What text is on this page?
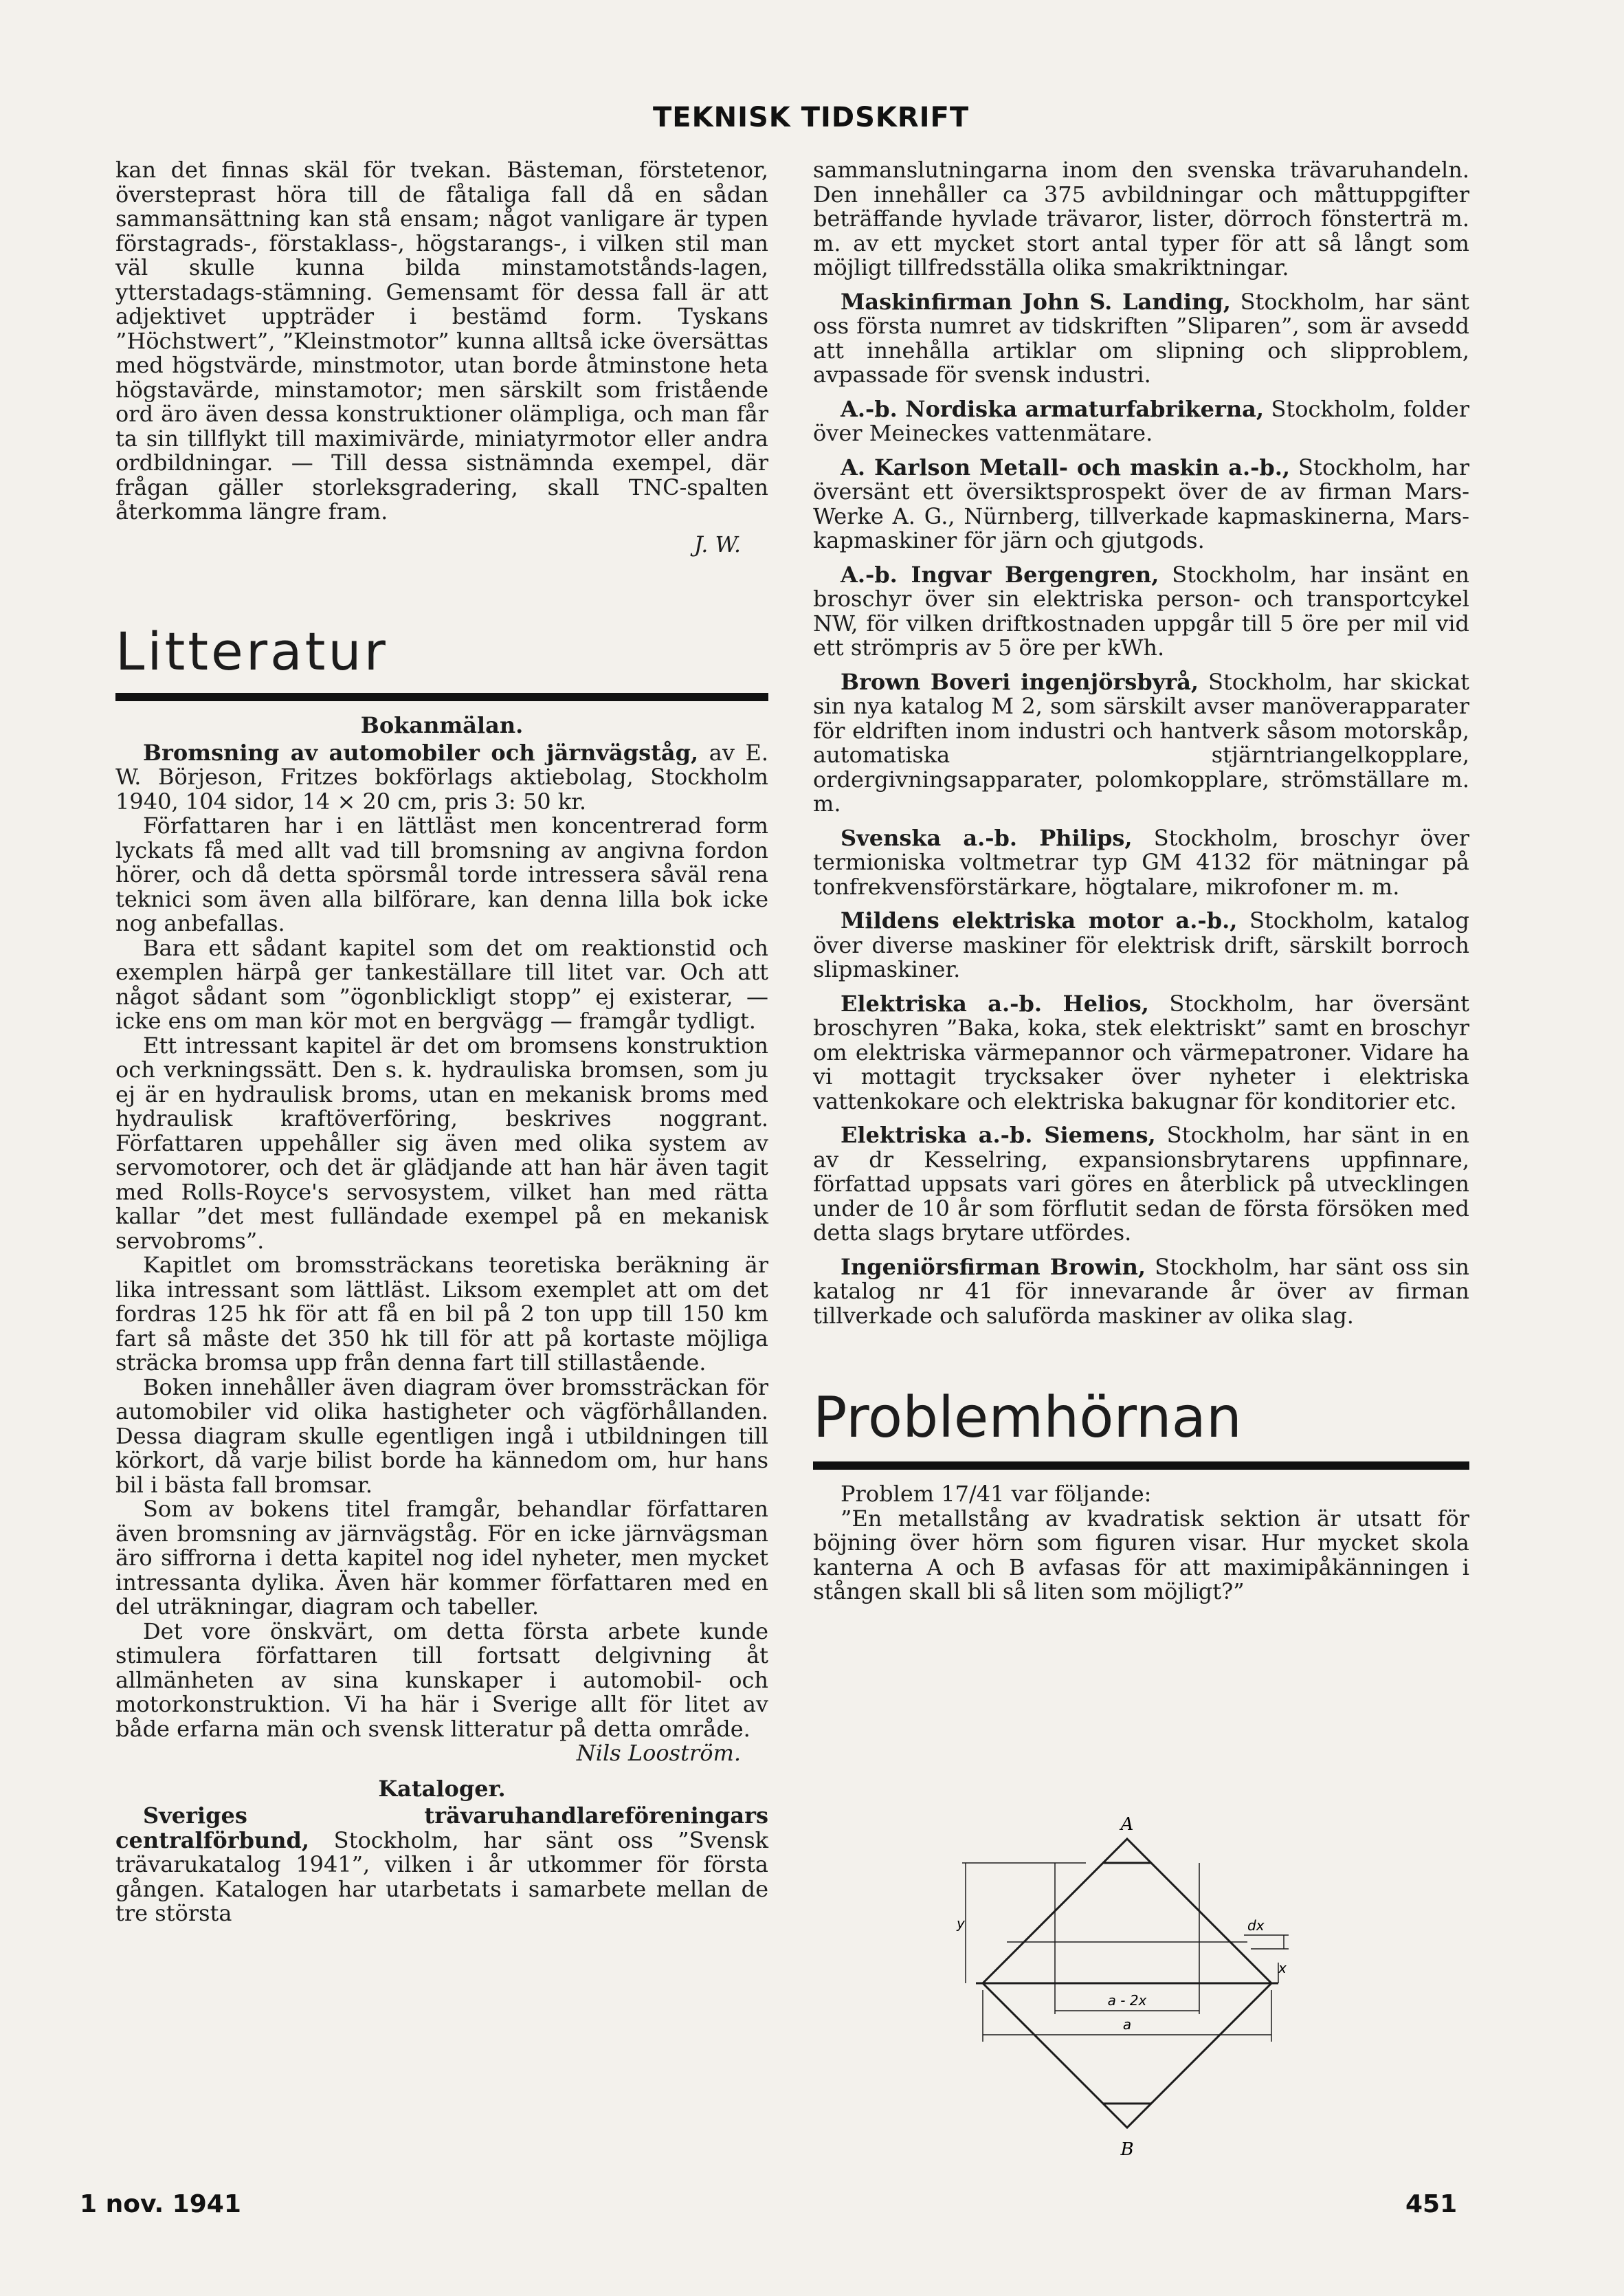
TEKNISK TIDSKRIFT

kan det finnas skäl för tvekan. Bästeman, förstetenor, översteprast höra till de fåtaliga fall då en sådan sammansättning kan stå ensam; något vanligare är typen förstagrads-, förstaklass-, högstarangs-, i vilken stil man väl skulle kunna bilda minstamotstånds-lagen, ytterstadags-stämning. Gemensamt för dessa fall är att adjektivet uppträder i bestämd form. Tyskans ”Höchstwert”, ”Kleinstmotor” kunna alltså icke översättas med högstvärde, minstmotor, utan borde åtminstone heta högstavärde, minstamotor; men särskilt som fristående ord äro även dessa konstruktioner olämpliga, och man får ta sin tillflykt till maximivärde, miniatyrmotor eller andra ordbildningar. — Till dessa sistnämnda exempel, där frågan gäller storleksgradering, skall TNC-spalten återkomma längre fram.

J. W.

Litteratur

Bokanmälan.

Bromsning av automobiler och järnvägståg, av E. W. Börjeson, Fritzes bokförlags aktiebolag, Stockholm 1940, 104 sidor, 14 × 20 cm, pris 3: 50 kr.

Författaren har i en lättläst men koncentrerad form lyckats få med allt vad till bromsning av angivna fordon hörer, och då detta spörsmål torde intressera såväl rena teknici som även alla bilförare, kan denna lilla bok icke nog anbefallas.

Bara ett sådant kapitel som det om reaktionstid och exemplen härpå ger tankeställare till litet var. Och att något sådant som ”ögonblickligt stopp” ej existerar, — icke ens om man kör mot en bergvägg — framgår tydligt.

Ett intressant kapitel är det om bromsens konstruktion och verkningssätt. Den s. k. hydrauliska bromsen, som ju ej är en hydraulisk broms, utan en mekanisk broms med hydraulisk kraftöverföring, beskrives noggrant. Författaren uppehåller sig även med olika system av servomotorer, och det är glädjande att han här även tagit med Rolls-Royce's servosystem, vilket han med rätta kallar ”det mest fulländade exempel på en mekanisk servobroms”.

Kapitlet om bromssträckans teoretiska beräkning är lika intressant som lättläst. Liksom exemplet att om det fordras 125 hk för att få en bil på 2 ton upp till 150 km fart så måste det 350 hk till för att på kortaste möjliga sträcka bromsa upp från denna fart till stillastående.

Boken innehåller även diagram över bromssträckan för automobiler vid olika hastigheter och vägförhållanden. Dessa diagram skulle egentligen ingå i utbildningen till körkort, då varje bilist borde ha kännedom om, hur hans bil i bästa fall bromsar.

Som av bokens titel framgår, behandlar författaren även bromsning av järnvägståg. För en icke järnvägsman äro siffrorna i detta kapitel nog idel nyheter, men mycket intressanta dylika. Även här kommer författaren med en del uträkningar, diagram och tabeller.

Det vore önskvärt, om detta första arbete kunde stimulera författaren till fortsatt delgivning åt allmänheten av sina kunskaper i automobil- och motorkonstruktion. Vi ha här i Sverige allt för litet av både erfarna män och svensk litteratur på detta område.

Nils Looström.

Kataloger.

Sveriges trävaruhandlareföreningars centralförbund, Stockholm, har sänt oss ”Svensk trävarukatalog 1941”, vilken i år utkommer för första gången. Katalogen har utarbetats i samarbete mellan de tre största

sammanslutningarna inom den svenska trävaruhandeln. Den innehåller ca 375 avbildningar och måttuppgifter beträffande hyvlade trävaror, lister, dörroch fönsterträ m. m. av ett mycket stort antal typer för att så långt som möjligt tillfredsställa olika smakriktningar.

Maskinfirman John S. Landing, Stockholm, har sänt oss första numret av tidskriften ”Sliparen”, som är avsedd att innehålla artiklar om slipning och slipproblem, avpassade för svensk industri.

A.-b. Nordiska armaturfabrikerna, Stockholm, folder över Meineckes vattenmätare.

A. Karlson Metall- och maskin a.-b., Stockholm, har översänt ett översiktsprospekt över de av firman Mars-Werke A. G., Nürnberg, tillverkade kapmaskinerna, Mars-kapmaskiner för järn och gjutgods.

A.-b. Ingvar Bergengren, Stockholm, har insänt en broschyr över sin elektriska person- och transportcykel NW, för vilken driftkostnaden uppgår till 5 öre per mil vid ett strömpris av 5 öre per kWh.

Brown Boveri ingenjörsbyrå, Stockholm, har skickat sin nya katalog M 2, som särskilt avser manöverapparater för eldriften inom industri och hantverk såsom motorskåp, automatiska stjärntriangelkopplare, ordergivningsapparater, polomkopplare, strömställare m. m.

Svenska a.-b. Philips, Stockholm, broschyr över termioniska voltmetrar typ GM 4132 för mätningar på tonfrekvensförstärkare, högtalare, mikrofoner m. m.

Mildens elektriska motor a.-b., Stockholm, katalog över diverse maskiner för elektrisk drift, särskilt borroch slipmaskiner.

Elektriska a.-b. Helios, Stockholm, har översänt broschyren ”Baka, koka, stek elektriskt” samt en broschyr om elektriska värmepannor och värmepatroner. Vidare ha vi mottagit trycksaker över nyheter i elektriska vattenkokare och elektriska bakugnar för konditorier etc.

Elektriska a.-b. Siemens, Stockholm, har sänt in en av dr Kesselring, expansionsbrytarens uppfinnare, författad uppsats vari göres en återblick på utvecklingen under de 10 år som förflutit sedan de första försöken med detta slags brytare utfördes.

Ingeniörsfirman Browin, Stockholm, har sänt oss sin katalog nr 41 för innevarande år över av firman tillverkade och saluförda maskiner av olika slag.

Problemhörnan

Problem 17/41 var följande:

”En metallstång av kvadratisk sektion är utsatt för böjning över hörn som figuren visar. Hur mycket skola kanterna A och B avfasas för att maximipåkänningen i stången skall bli så liten som möjligt?”

A
B
y
x
dx
a - 2x
a
1 nov. 1941	451
